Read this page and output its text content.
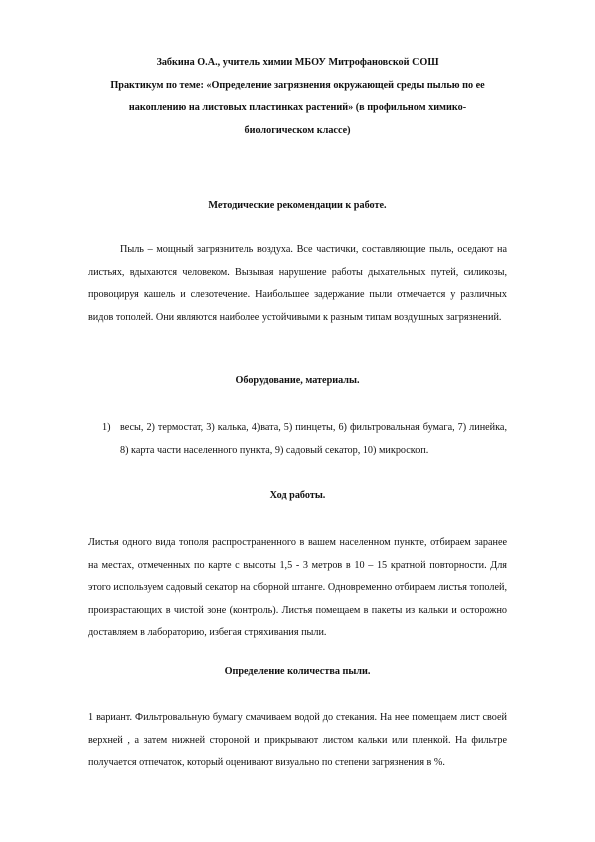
Забкина О.А., учитель химии МБОУ Митрофановской СОШ
Практикум по теме: «Определение загрязнения окружающей среды пылью по ее
накоплению на листовых пластинках растений» (в профильном химико-
биологическом классе)
Методические рекомендации к работе.
Пыль – мощный загрязнитель воздуха. Все частички, составляющие пыль, оседают на листьях, вдыхаются человеком. Вызывая нарушение работы дыхательных путей, силикозы, провоцируя кашель и слезотечение. Наибольшее задержание пыли отмечается у различных видов тополей. Они являются наиболее устойчивыми к разным типам воздушных загрязнений.
Оборудование, материалы.
1) весы, 2) термостат, 3) калька, 4)вата, 5) пинцеты, 6) фильтровальная бумага, 7) линейка, 8) карта части населенного пункта, 9) садовый секатор, 10) микроскоп.
Ход работы.
Листья одного вида тополя распространенного в вашем населенном пункте, отбираем заранее на местах, отмеченных по карте с высоты 1,5 - 3 метров в 10 – 15 кратной повторности. Для этого используем садовый секатор на сборной штанге. Одновременно отбираем листья тополей, произрастающих в чистой зоне (контроль). Листья помещаем в пакеты из кальки и осторожно доставляем в лабораторию, избегая стряхивания пыли.
Определение количества пыли.
1 вариант. Фильтровальную бумагу смачиваем водой до стекания. На нее помещаем лист своей верхней , а затем нижней стороной и прикрывают листом кальки или пленкой. На фильтре получается отпечаток, который оценивают визуально по степени загрязнения в %.
